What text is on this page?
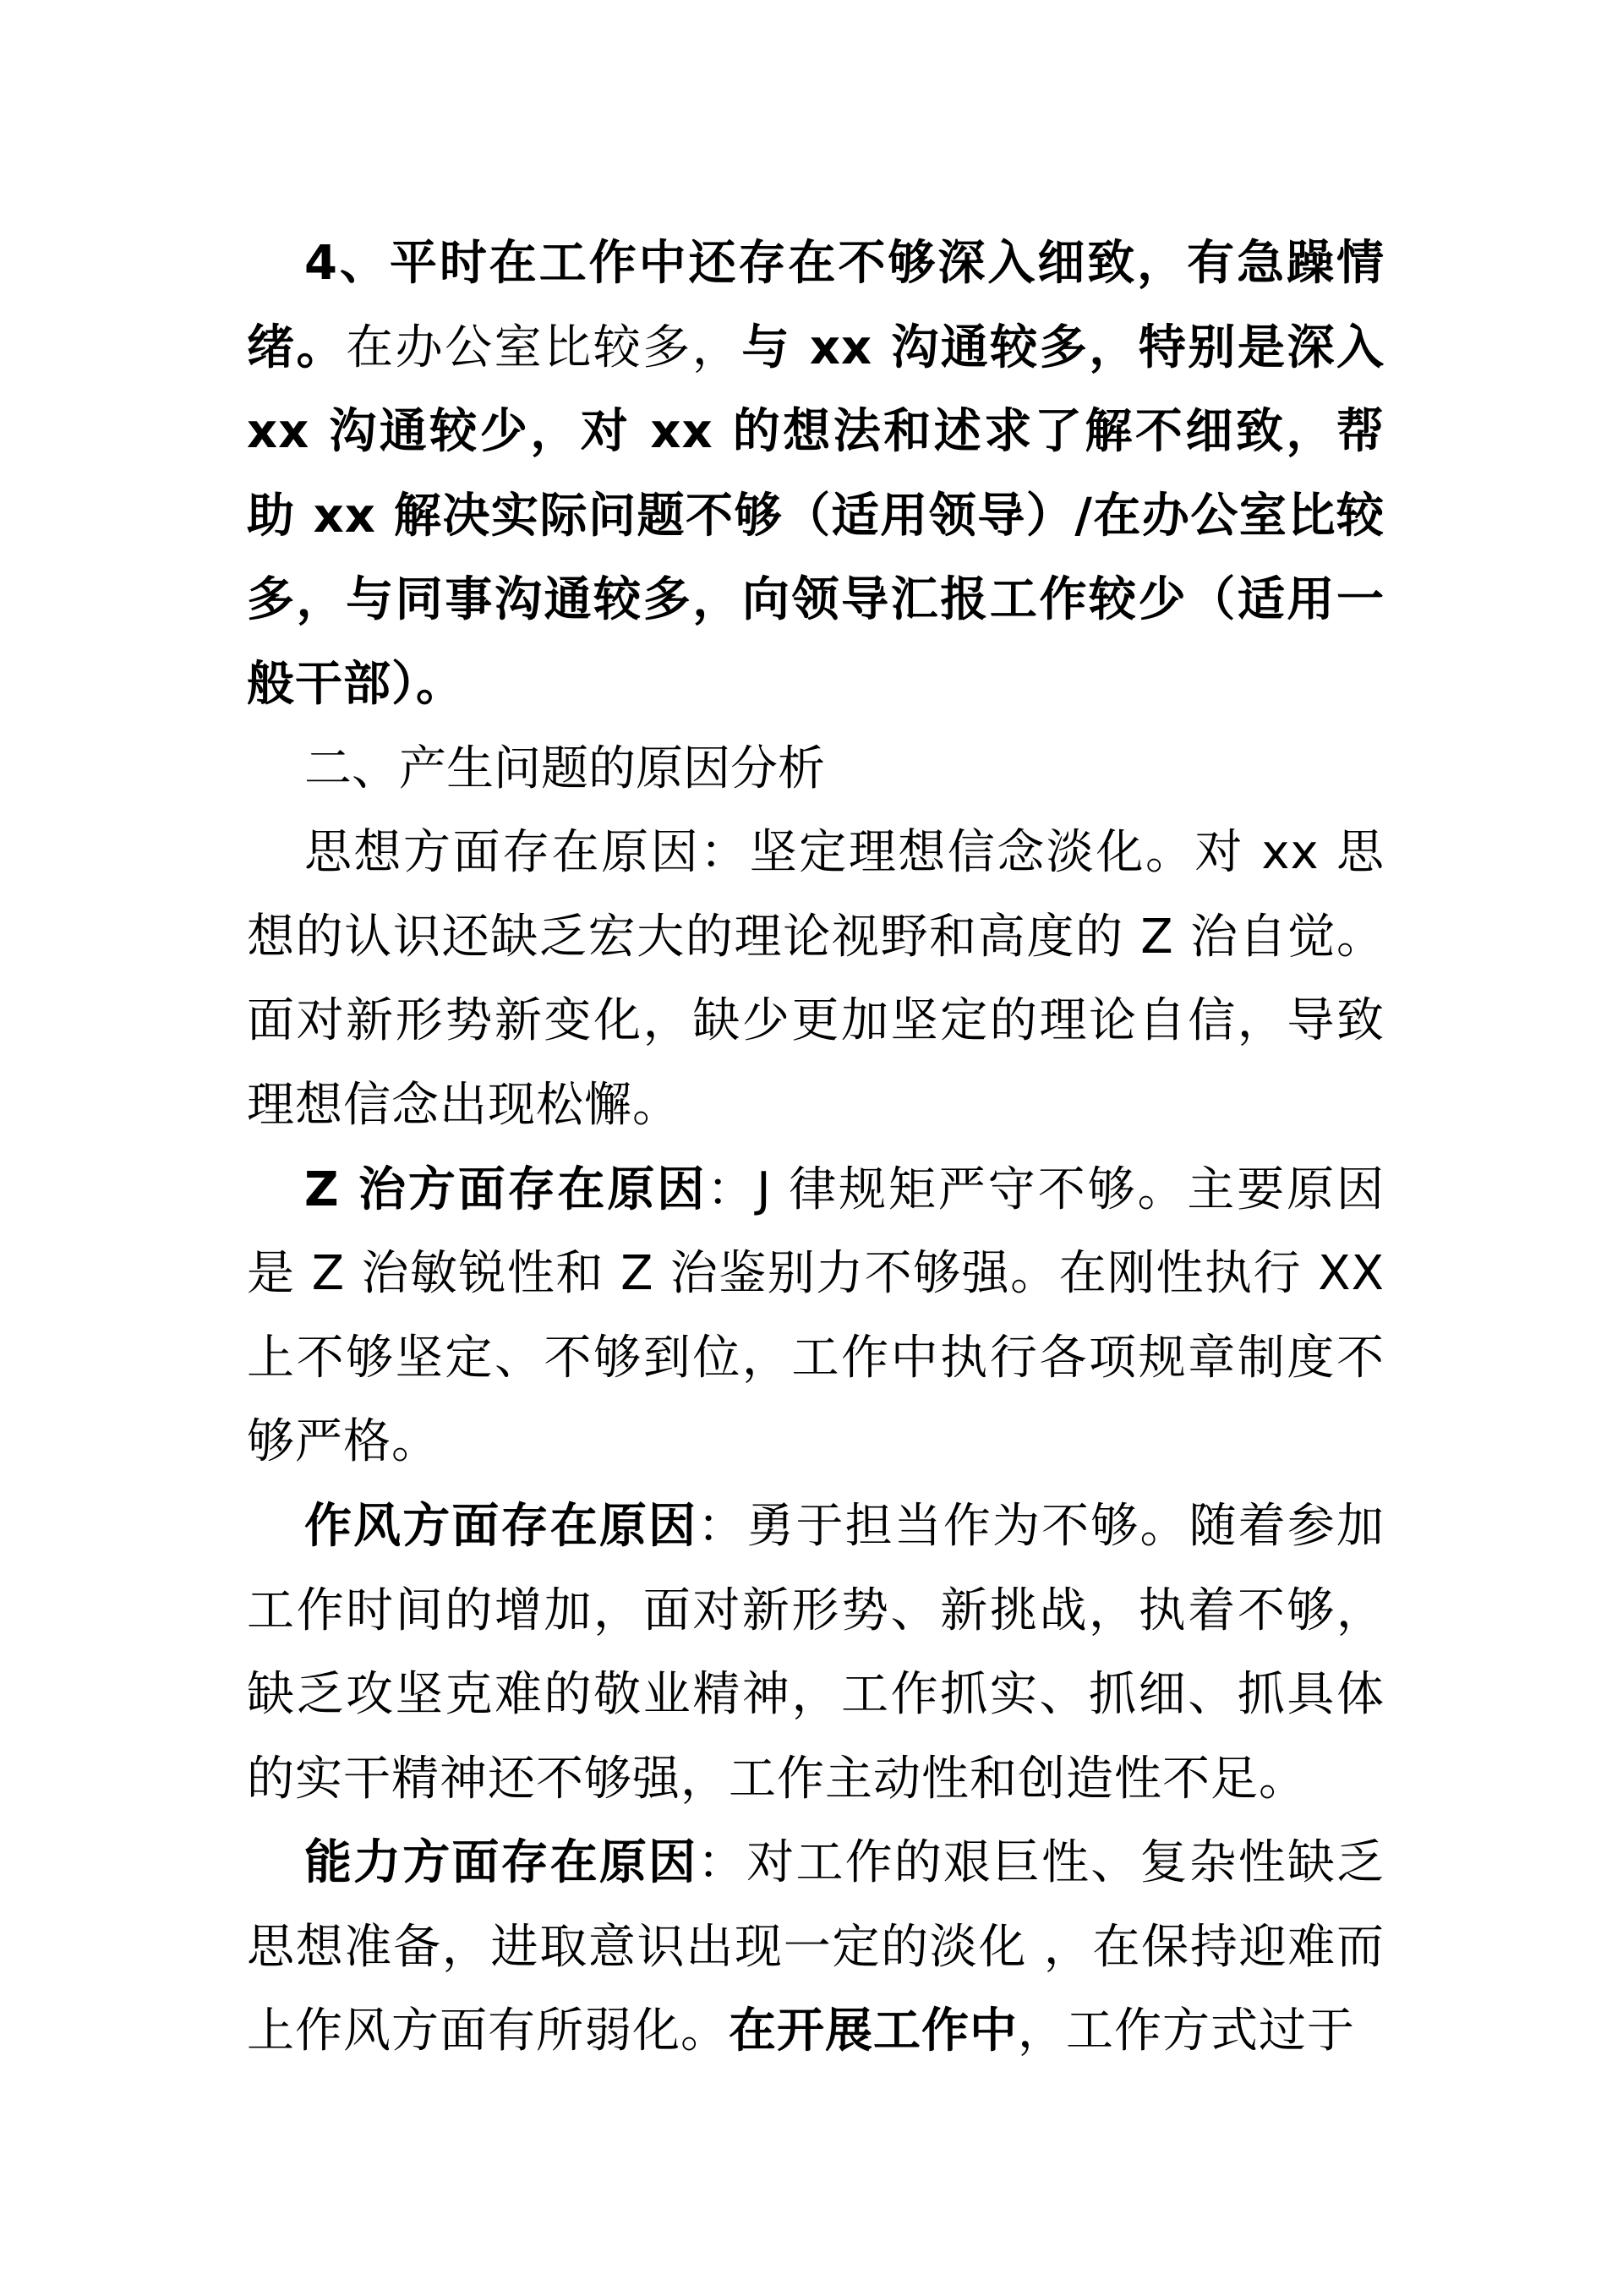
4、平时在工作中还存在不够深入细致，有急躁情绪。在办公室比较多，与 xx 沟通较多，特别是深入 xx 沟通较少，对 xx 的想法和述求了解不细致，帮助 xx 解决实际问题不够（适用领导）/在办公室比较多，与同事沟通较多，向领导汇报工作较少（适用一般干部）。

二、产生问题的原因分析

思想方面存在原因：坚定理想信念淡化。对 xx 思想的认识还缺乏宏大的理论视野和高度的 Z 治自觉。面对新形势新变化，缺少更加坚定的理论自信，导致理想信念出现松懈。

Z 治方面存在原因：J 律规矩严守不够。主要原因是 Z 治敏锐性和 Z 治鉴别力不够强。在刚性执行 XX 上不够坚定、不够到位，工作中执行各项规章制度不够严格。

作风方面存在原因：勇于担当作为不够。随着参加工作时间的增加，面对新形势、新挑战，执着不够，缺乏攻坚克难的敬业精神，工作抓实、抓细、抓具体的实干精神还不够强，工作主动性和创造性不足。

能力方面存在原因：对工作的艰巨性、复杂性缺乏思想准备，进取意识出现一定的淡化 ，在保持迎难而上作风方面有所弱化。在开展工作中，工作方式过于
